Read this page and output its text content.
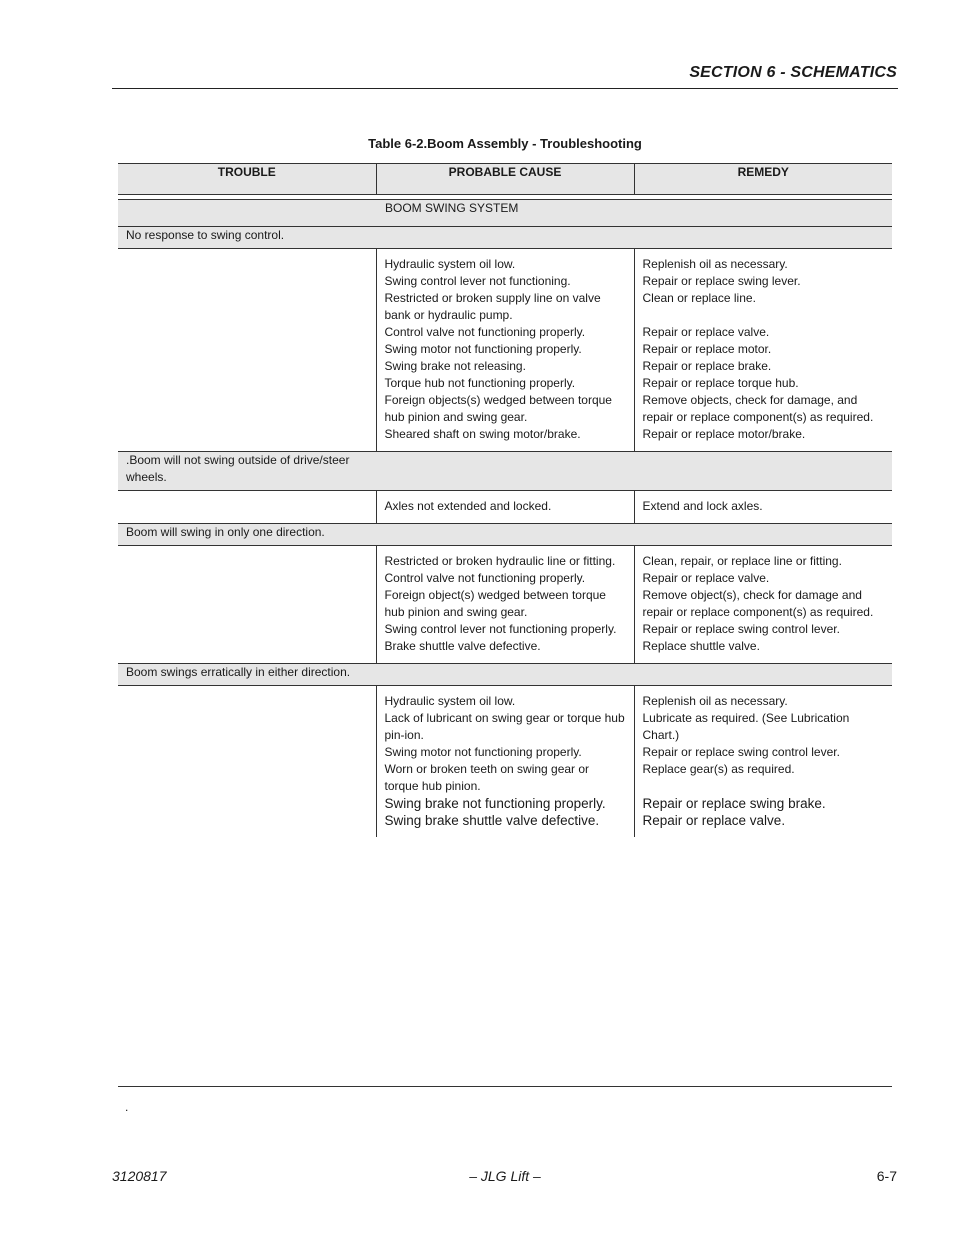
SECTION 6 - SCHEMATICS
Table 6-2.Boom Assembly - Troubleshooting
TROUBLE	PROBABLE CAUSE	REMEDY

	BOOM SWING SYSTEM	
No response to swing control.		
	Hydraulic system oil low.	Replenish oil as necessary.
	Swing control lever not functioning.	Repair or replace swing lever.
	Restricted or broken supply line on valve bank or hydraulic pump.	Clean or replace line.
	Control valve not functioning properly.	Repair or replace valve.
	Swing motor not functioning properly.	Repair or replace motor.
	Swing brake not releasing.	Repair or replace brake.
	Torque hub not functioning properly.	Repair or replace torque hub.
	Foreign objects(s) wedged between torque hub pinion and swing gear.	Remove objects, check for damage, and repair or replace component(s) as required.
	Sheared shaft on swing motor/brake.	Repair or replace motor/brake.
.Boom will not swing outside of drive/steer wheels.		
	Axles not extended and locked.	Extend and lock axles.
Boom will swing in only one direction.		
	Restricted or broken hydraulic line or fitting.	Clean, repair, or replace line or fitting.
	Control valve not functioning properly.	Repair or replace valve.
	Foreign object(s) wedged between torque hub pinion and swing gear.	Remove object(s), check for damage and repair or replace component(s) as required.
	Swing control lever not functioning properly.	Repair or replace swing control lever.
	Brake shuttle valve defective.	Replace shuttle valve.
Boom swings erratically in either direction.		
	Hydraulic system oil low.	Replenish oil as necessary.
	Lack of lubricant on swing gear or torque hub pin-ion.	Lubricate as required. (See Lubrication Chart.)
	Swing motor not functioning properly.	Repair or replace swing control lever.
	Worn or broken teeth on swing gear or torque hub pinion.	Replace gear(s) as required.
	Swing brake not functioning properly.	Repair or replace swing brake.
	Swing brake shuttle valve defective.	Repair or replace valve.
.
3120817	– JLG Lift –	6-7
